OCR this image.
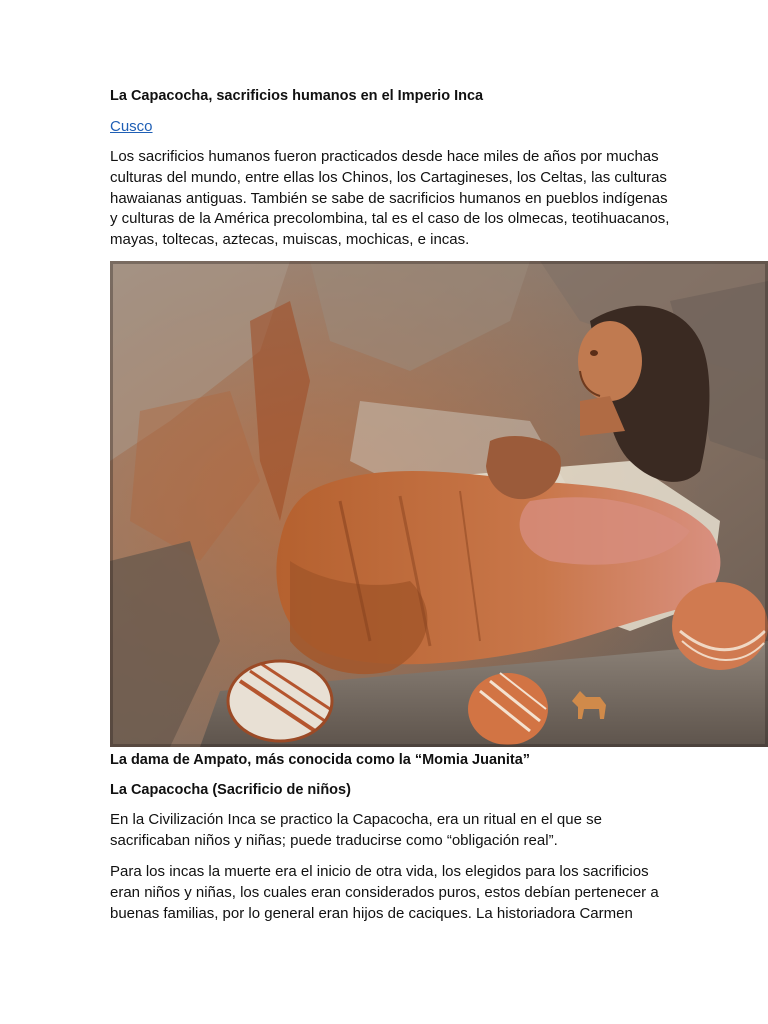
La Capacocha, sacrificios humanos en el Imperio Inca
Cusco

Los sacrificios humanos fueron practicados desde hace miles de años por muchas culturas del mundo, entre ellas los Chinos, los Cartagineses, los Celtas, las culturas hawaianas antiguas. También se sabe de sacrificios humanos en pueblos indígenas y culturas de la América precolombina, tal es el caso de los olmecas, teotihuacanos, mayas, toltecas, aztecas, muiscas, mochicas, e incas.

La dama de Ampato, más conocida como la “Momia Juanita”

La Capacocha (Sacrificio de niños)

En la Civilización Inca se practico la Capacocha, era un ritual en el que se sacrificaban niños y niñas; puede traducirse como “obligación real”.

Para los incas la muerte era el inicio de otra vida, los elegidos para los sacrificios eran niños y niñas, los cuales eran considerados puros, estos debían pertenecer a buenas familias, por lo general eran hijos de caciques. La historiadora Carmen
